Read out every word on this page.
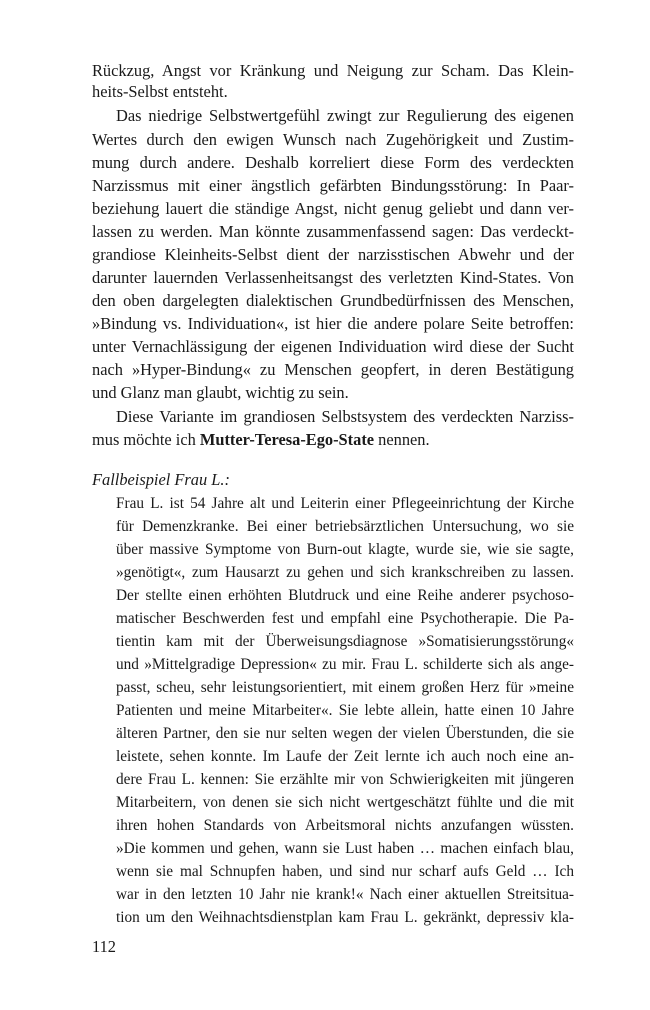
Rückzug, Angst vor Kränkung und Neigung zur Scham. Das Klein-
heits-Selbst entsteht.
Das niedrige Selbstwertgefühl zwingt zur Regulierung des eigenen
Wertes durch den ewigen Wunsch nach Zugehörigkeit und Zustim-
mung durch andere. Deshalb korreliert diese Form des verdeckten
Narzissmus mit einer ängstlich gefärbten Bindungsstörung: In Paar-
beziehung lauert die ständige Angst, nicht genug geliebt und dann ver-
lassen zu werden. Man könnte zusammenfassend sagen: Das verdeckt-
grandiose Kleinheits-Selbst dient der narzisstischen Abwehr und der
darunter lauernden Verlassenheitsangst des verletzten Kind-States. Von
den oben dargelegten dialektischen Grundbedürfnissen des Menschen,
»Bindung vs. Individuation«, ist hier die andere polare Seite betroffen:
unter Vernachlässigung der eigenen Individuation wird diese der Sucht
nach »Hyper-Bindung« zu Menschen geopfert, in deren Bestätigung
und Glanz man glaubt, wichtig zu sein.
Diese Variante im grandiosen Selbstsystem des verdeckten Narziss-
mus möchte ich Mutter-Teresa-Ego-State nennen.
Fallbeispiel Frau L.:
Frau L. ist 54 Jahre alt und Leiterin einer Pflegeeinrichtung der Kirche
für Demenzkranke. Bei einer betriebsärztlichen Untersuchung, wo sie
über massive Symptome von Burn-out klagte, wurde sie, wie sie sagte,
»genötigt«, zum Hausarzt zu gehen und sich krankschreiben zu lassen.
Der stellte einen erhöhten Blutdruck und eine Reihe anderer psychoso-
matischer Beschwerden fest und empfahl eine Psychotherapie. Die Pa-
tientin kam mit der Überweisungsdiagnose »Somatisierungsstörung«
und »Mittelgradige Depression« zu mir. Frau L. schilderte sich als ange-
passt, scheu, sehr leistungsorientiert, mit einem großen Herz für »meine
Patienten und meine Mitarbeiter«. Sie lebte allein, hatte einen 10 Jahre
älteren Partner, den sie nur selten wegen der vielen Überstunden, die sie
leistete, sehen konnte. Im Laufe der Zeit lernte ich auch noch eine an-
dere Frau L. kennen: Sie erzählte mir von Schwierigkeiten mit jüngeren
Mitarbeitern, von denen sie sich nicht wertgeschätzt fühlte und die mit
ihren hohen Standards von Arbeitsmoral nichts anzufangen wüssten.
»Die kommen und gehen, wann sie Lust haben … machen einfach blau,
wenn sie mal Schnupfen haben, und sind nur scharf aufs Geld … Ich
war in den letzten 10 Jahr nie krank!« Nach einer aktuellen Streitsitua-
tion um den Weihnachtsdienstplan kam Frau L. gekränkt, depressiv kla-
112
